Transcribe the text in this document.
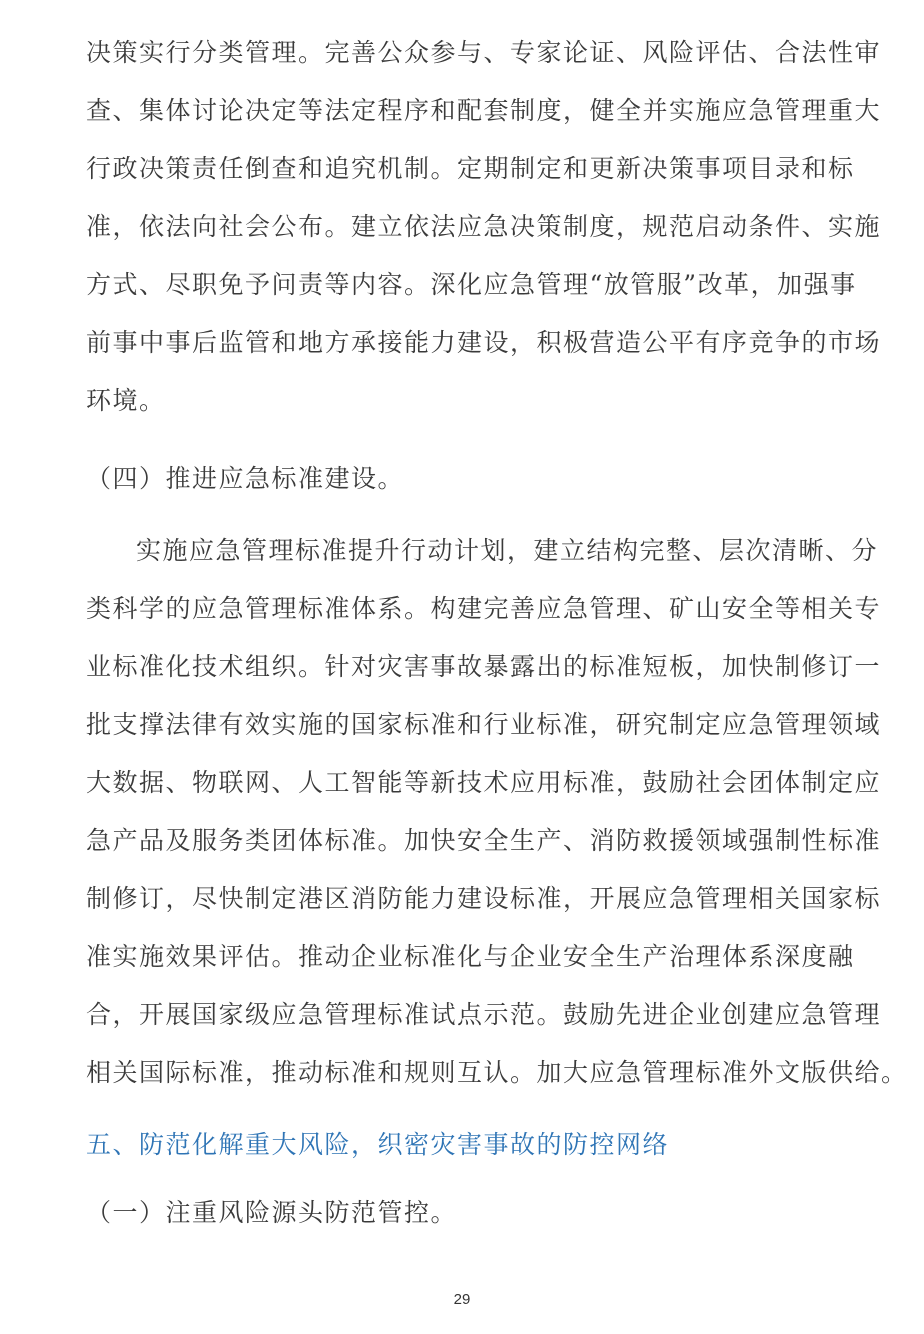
决策实行分类管理。完善公众参与、专家论证、风险评估、合法性审
查、集体讨论决定等法定程序和配套制度，健全并实施应急管理重大
行政决策责任倒查和追究机制。定期制定和更新决策事项目录和标
准，依法向社会公布。建立依法应急决策制度，规范启动条件、实施
方式、尽职免予问责等内容。深化应急管理“放管服”改革，加强事
前事中事后监管和地方承接能力建设，积极营造公平有序竞争的市场
环境。
（四）推进应急标准建设。
实施应急管理标准提升行动计划，建立结构完整、层次清晰、分
类科学的应急管理标准体系。构建完善应急管理、矿山安全等相关专
业标准化技术组织。针对灾害事故暴露出的标准短板，加快制修订一
批支撑法律有效实施的国家标准和行业标准，研究制定应急管理领域
大数据、物联网、人工智能等新技术应用标准，鼓励社会团体制定应
急产品及服务类团体标准。加快安全生产、消防救援领域强制性标准
制修订，尽快制定港区消防能力建设标准，开展应急管理相关国家标
准实施效果评估。推动企业标准化与企业安全生产治理体系深度融
合，开展国家级应急管理标准试点示范。鼓励先进企业创建应急管理
相关国际标准，推动标准和规则互认。加大应急管理标准外文版供给。
五、防范化解重大风险，织密灾害事故的防控网络
（一）注重风险源头防范管控。
29
